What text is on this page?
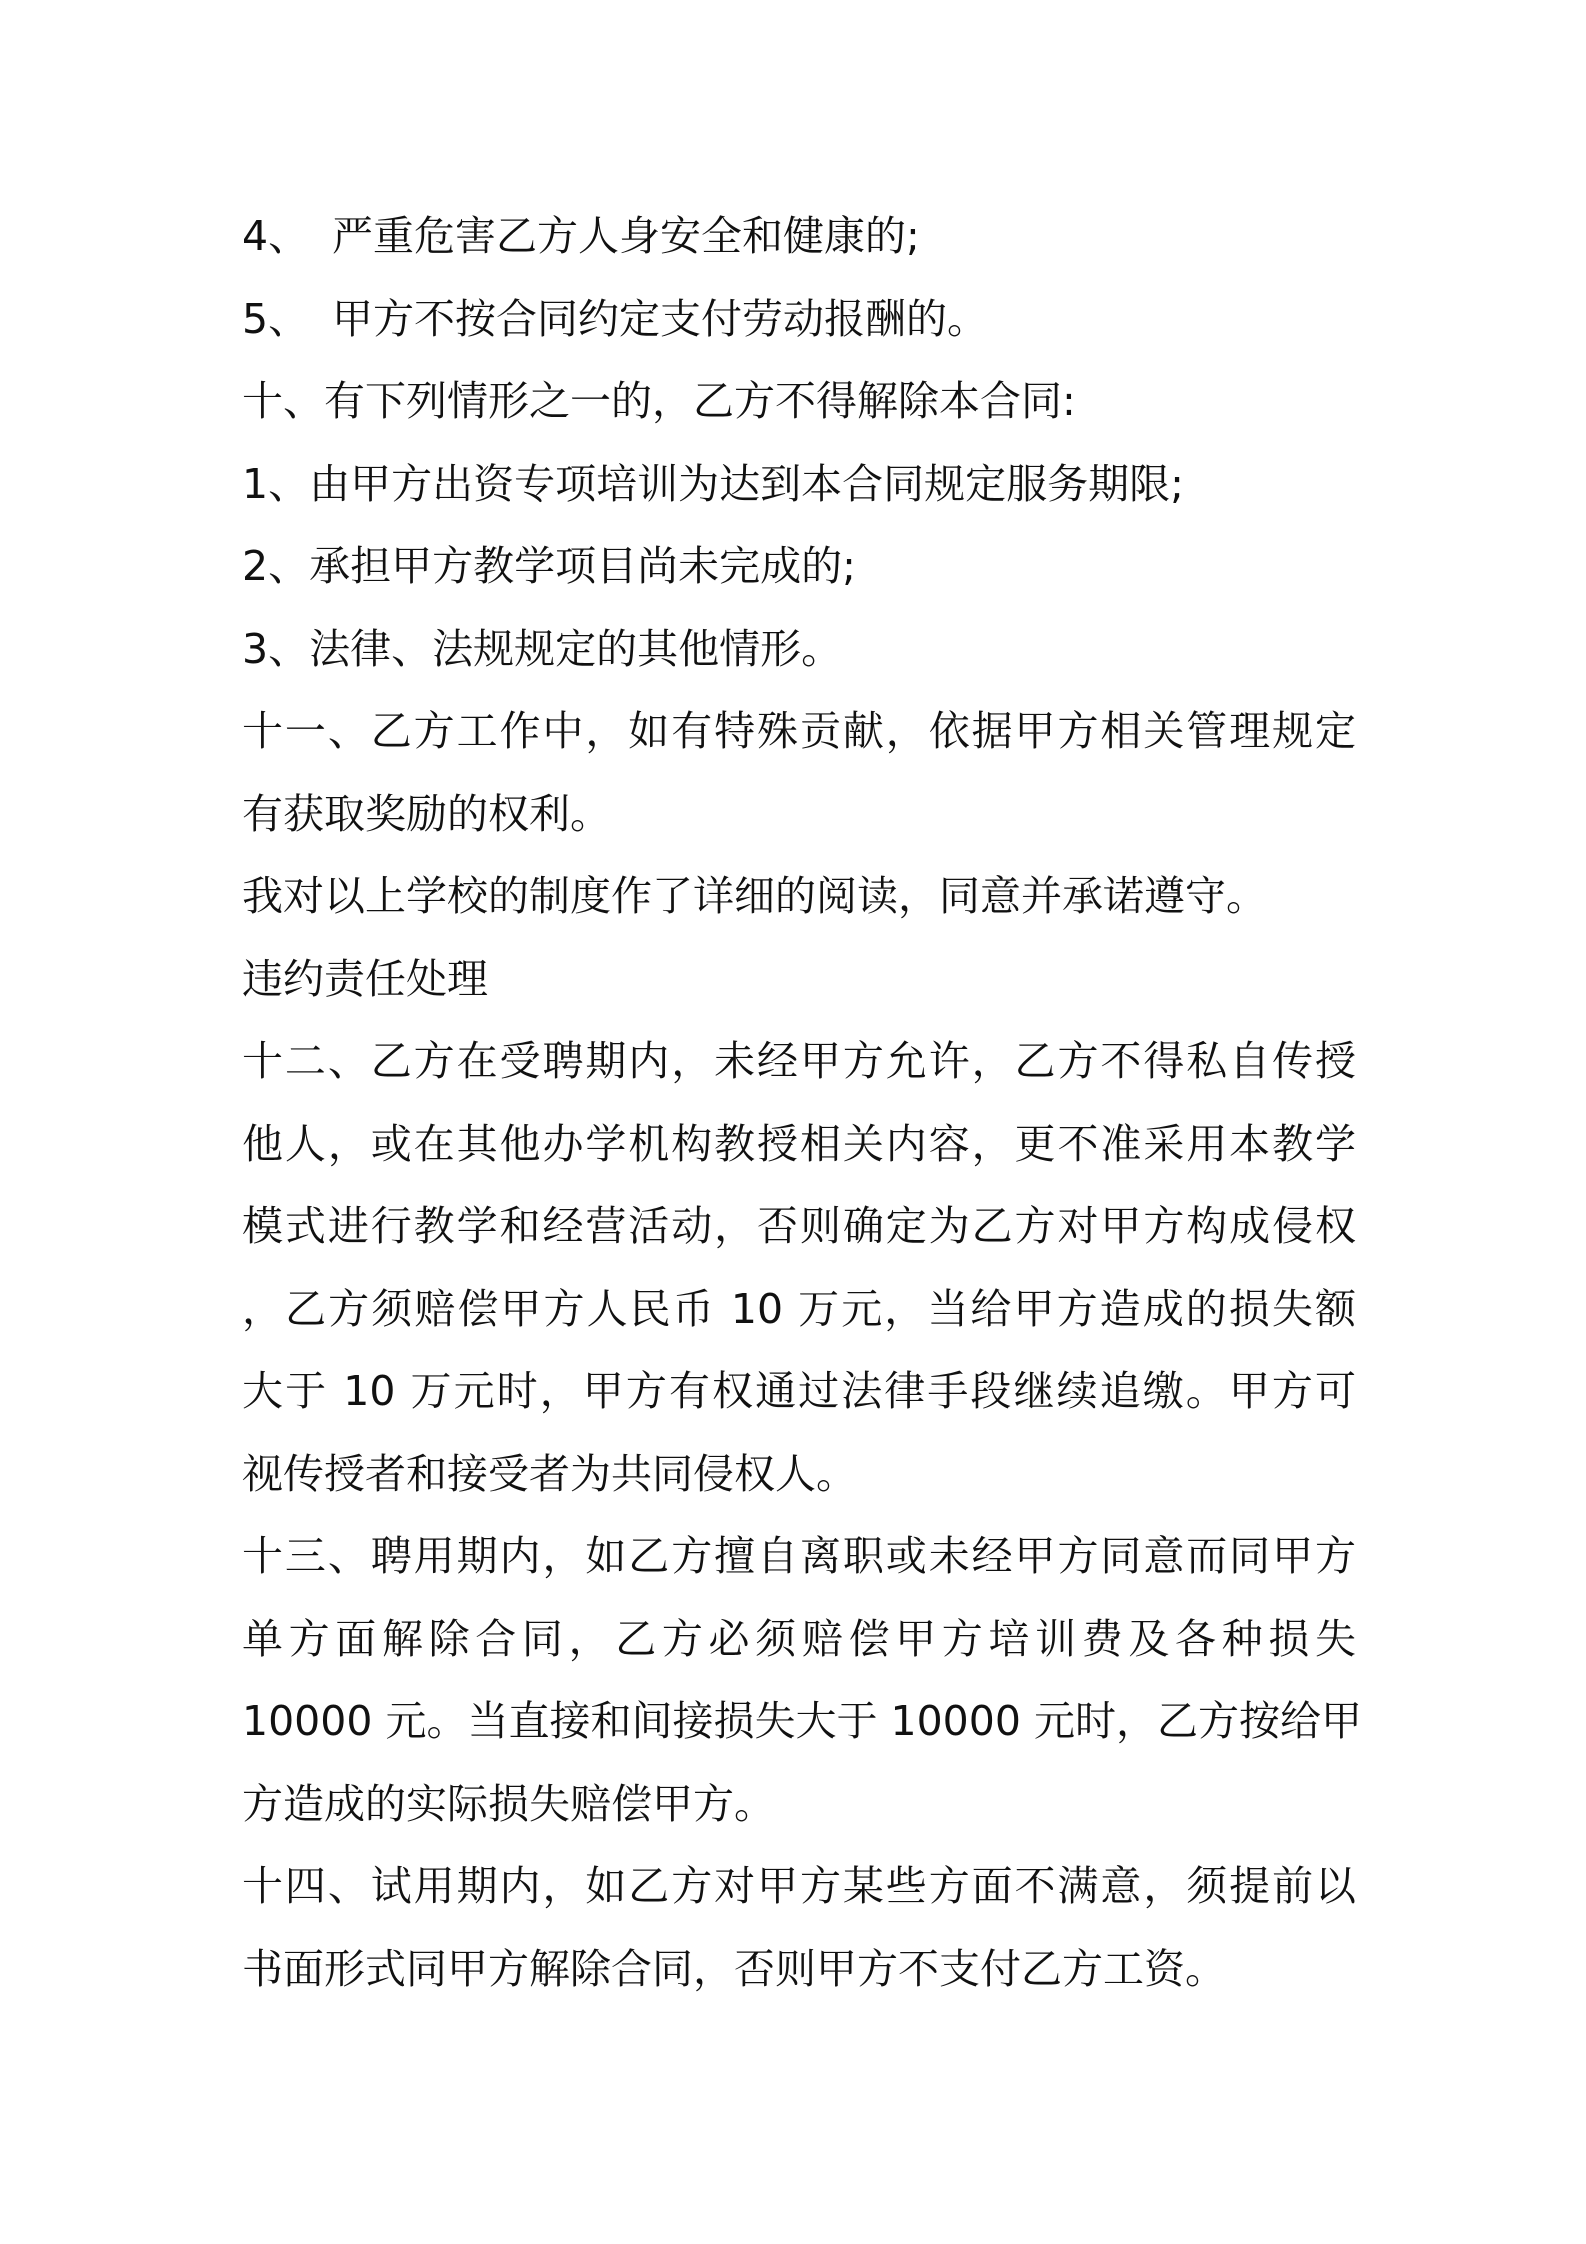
4、 严重危害乙方人身安全和健康的;
5、 甲方不按合同约定支付劳动报酬的。
十、有下列情形之一的，乙方不得解除本合同:
1、由甲方出资专项培训为达到本合同规定服务期限;
2、承担甲方教学项目尚未完成的;
3、法律、法规规定的其他情形。
十一、乙方工作中，如有特殊贡献，依据甲方相关管理规定
有获取奖励的权利。
我对以上学校的制度作了详细的阅读，同意并承诺遵守。
违约责任处理
十二、乙方在受聘期内，未经甲方允许，乙方不得私自传授
他人，或在其他办学机构教授相关内容，更不准采用本教学
模式进行教学和经营活动，否则确定为乙方对甲方构成侵权
，乙方须赔偿甲方人民币 10 万元，当给甲方造成的损失额
大于 10 万元时，甲方有权通过法律手段继续追缴。甲方可
视传授者和接受者为共同侵权人。
十三、聘用期内，如乙方擅自离职或未经甲方同意而同甲方
单方面解除合同，乙方必须赔偿甲方培训费及各种损失
10000 元。当直接和间接损失大于 10000 元时，乙方按给甲
方造成的实际损失赔偿甲方。
十四、试用期内，如乙方对甲方某些方面不满意，须提前以
书面形式同甲方解除合同，否则甲方不支付乙方工资。
